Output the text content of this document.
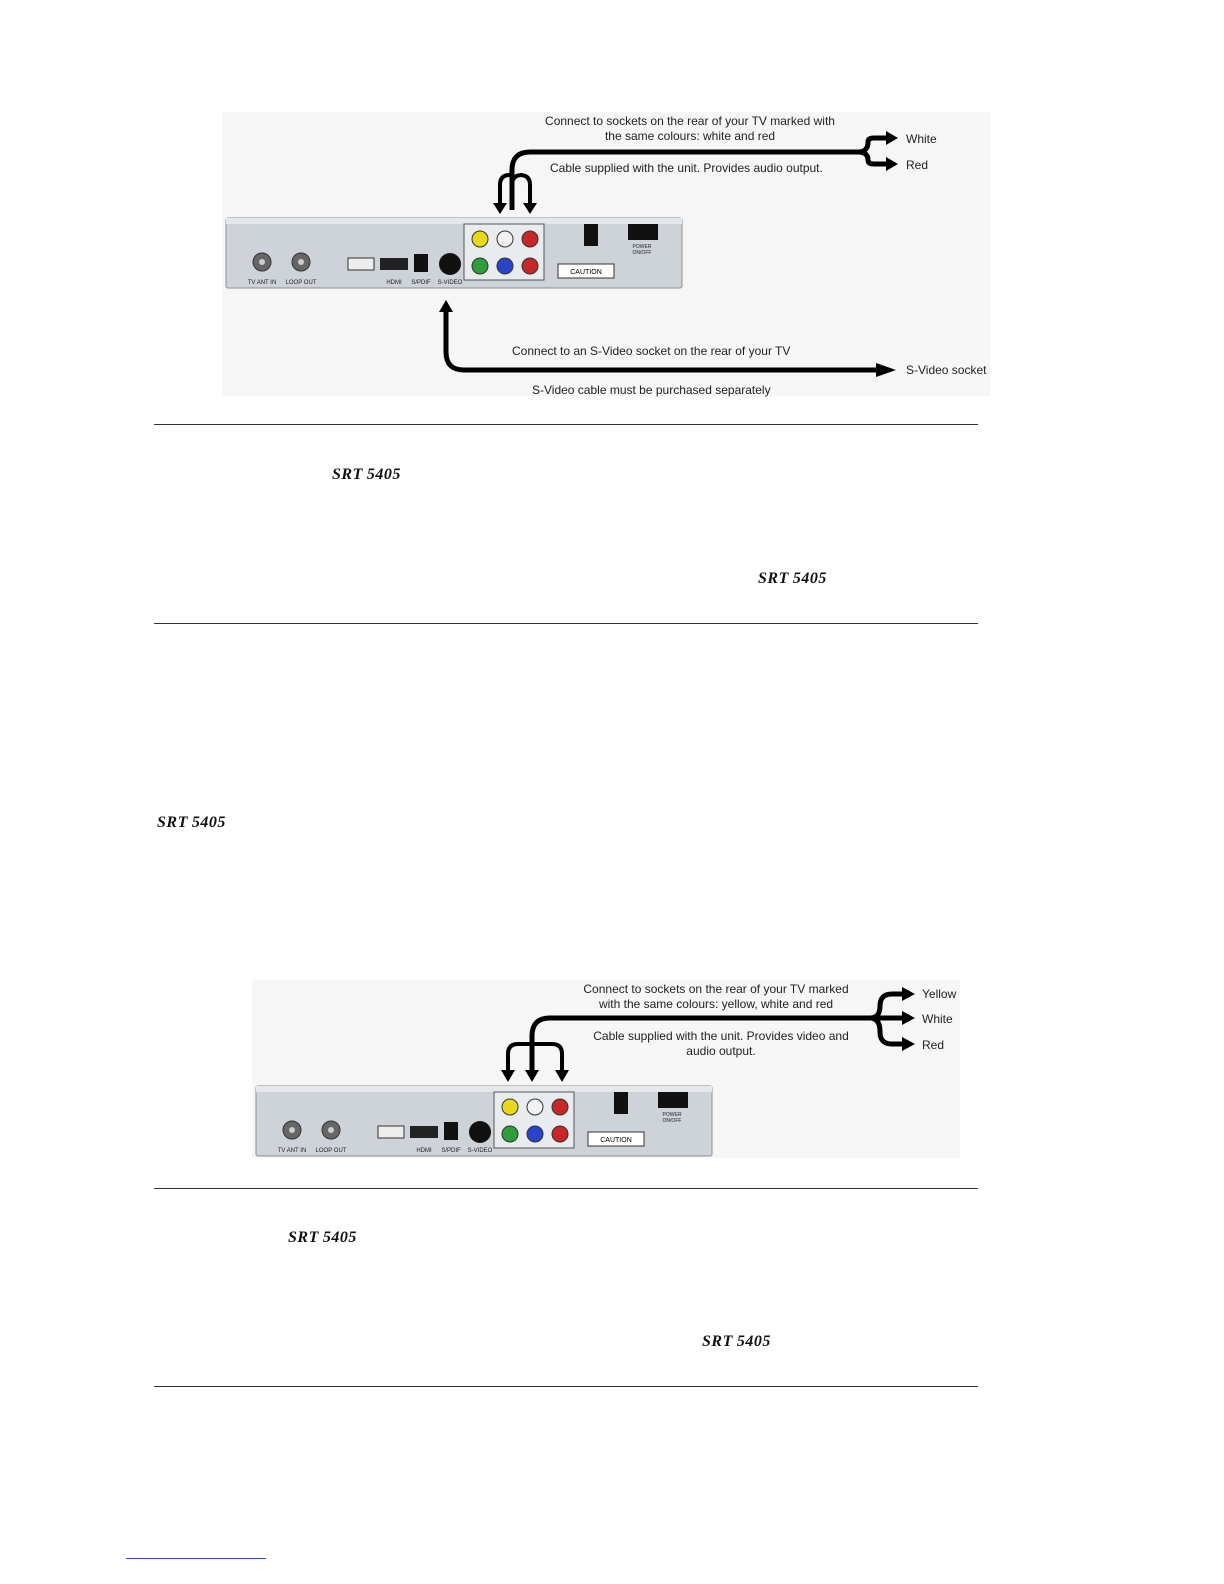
CAUTION
POWER
ON/OFF
TV ANT IN LOOP OUT	HDMI S/PDIF S-VIDEO
Connect to sockets on the rear of your TV marked with
the same colours: white and red
Cable supplied with the unit. Provides audio output.
White
Red
Connect to an S-Video socket on the rear of your TV
S-Video cable must be purchased separately
S-Video socket
SRT 5405
SRT 5405
SRT 5405
CAUTION
POWER
ON/OFF
TV ANT IN LOOP OUT	HDMI S/PDIF S-VIDEO
Connect to sockets on the rear of your TV marked
with the same colours: yellow, white and red
Cable supplied with the unit. Provides video and
audio output.
Yellow
White
Red
SRT 5405
SRT 5405
